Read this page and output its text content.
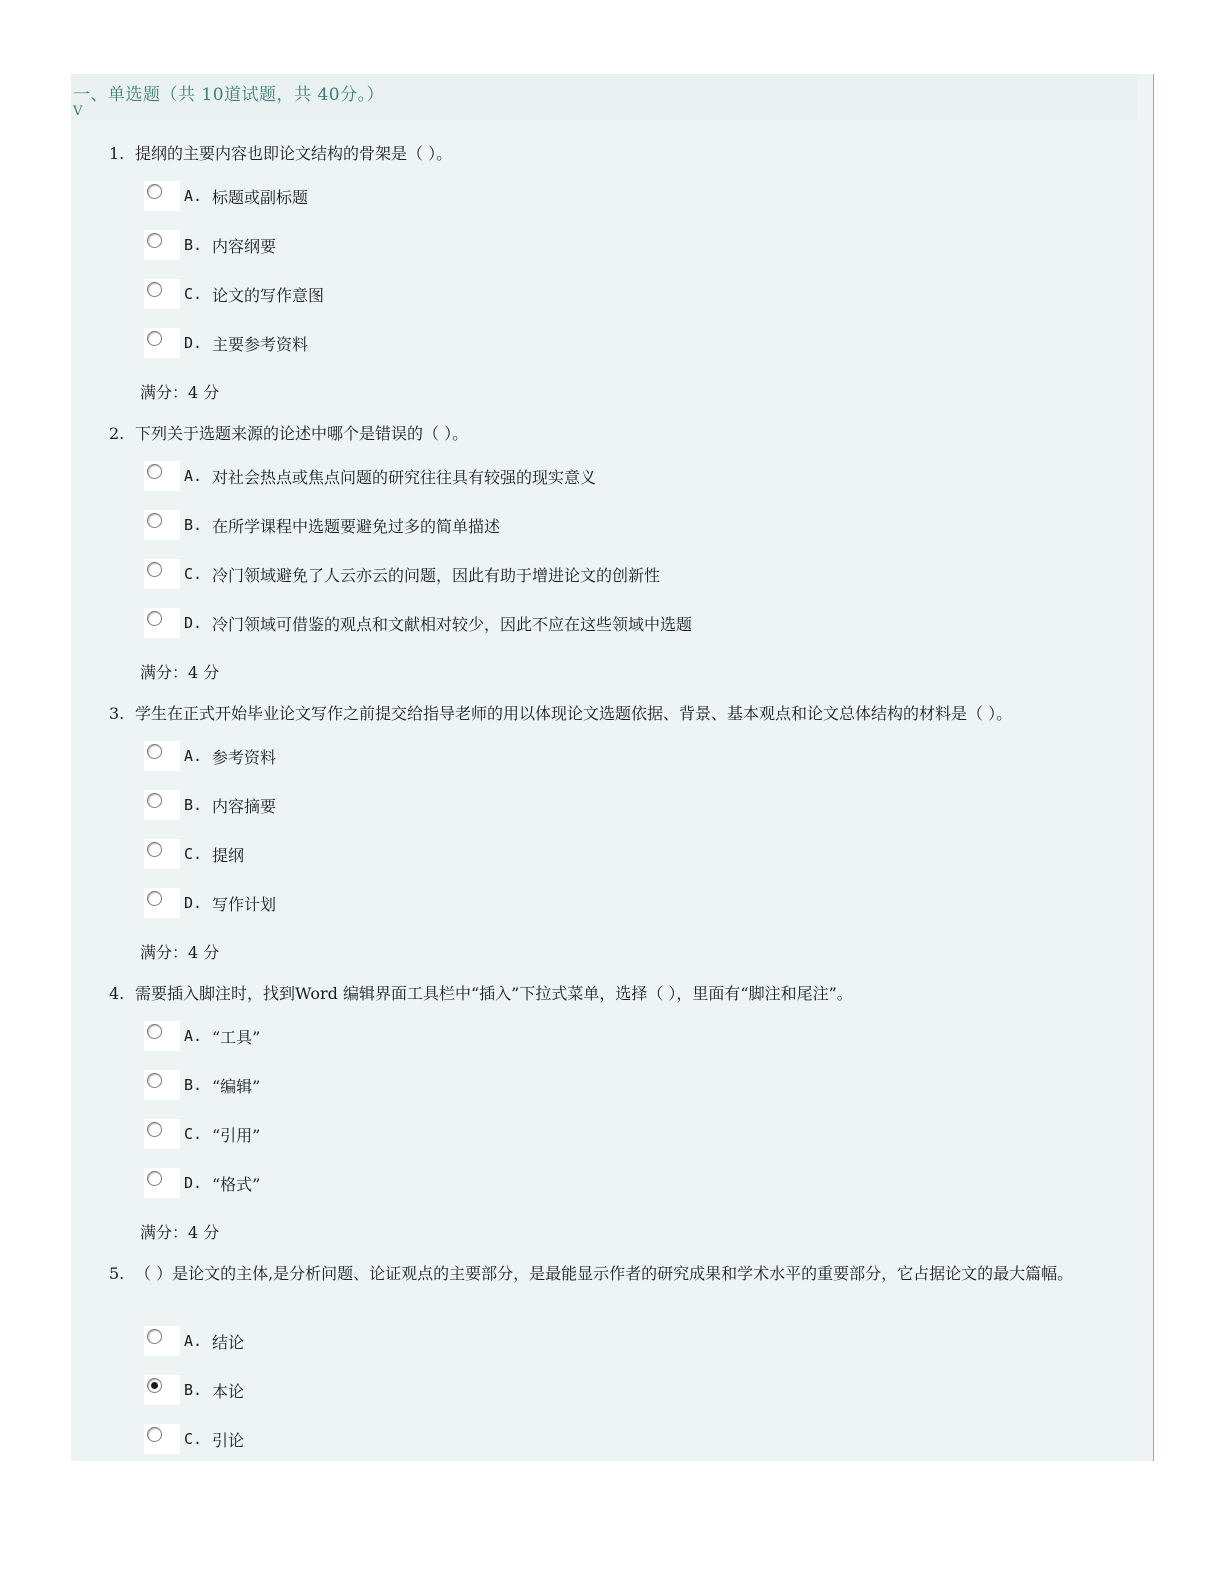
一、单选题（共 10道试题，共 40分。）
V
1. 提纲的主要内容也即论文结构的骨架是（ ）。
A. 标题或副标题
B. 内容纲要
C. 论文的写作意图
D. 主要参考资料
满分：4 分
2. 下列关于选题来源的论述中哪个是错误的（ ）。
A. 对社会热点或焦点问题的研究往往具有较强的现实意义
B. 在所学课程中选题要避免过多的简单描述
C. 冷门领域避免了人云亦云的问题，因此有助于增进论文的创新性
D. 冷门领域可借鉴的观点和文献相对较少，因此不应在这些领域中选题
满分：4 分
3. 学生在正式开始毕业论文写作之前提交给指导老师的用以体现论文选题依据、背景、基本观点和论文总体结构的材料是（ ）。
A. 参考资料
B. 内容摘要
C. 提纲
D. 写作计划
满分：4 分
4. 需要插入脚注时，找到Word 编辑界面工具栏中“插入”下拉式菜单，选择（ ），里面有“脚注和尾注”。
A. “工具”
B. “编辑”
C. “引用”
D. “格式”
满分：4 分
5. （ ）是论文的主体,是分析问题、论证观点的主要部分，是最能显示作者的研究成果和学术水平的重要部分，它占据论文的最大篇幅。
A. 结论
B. 本论
C. 引论
